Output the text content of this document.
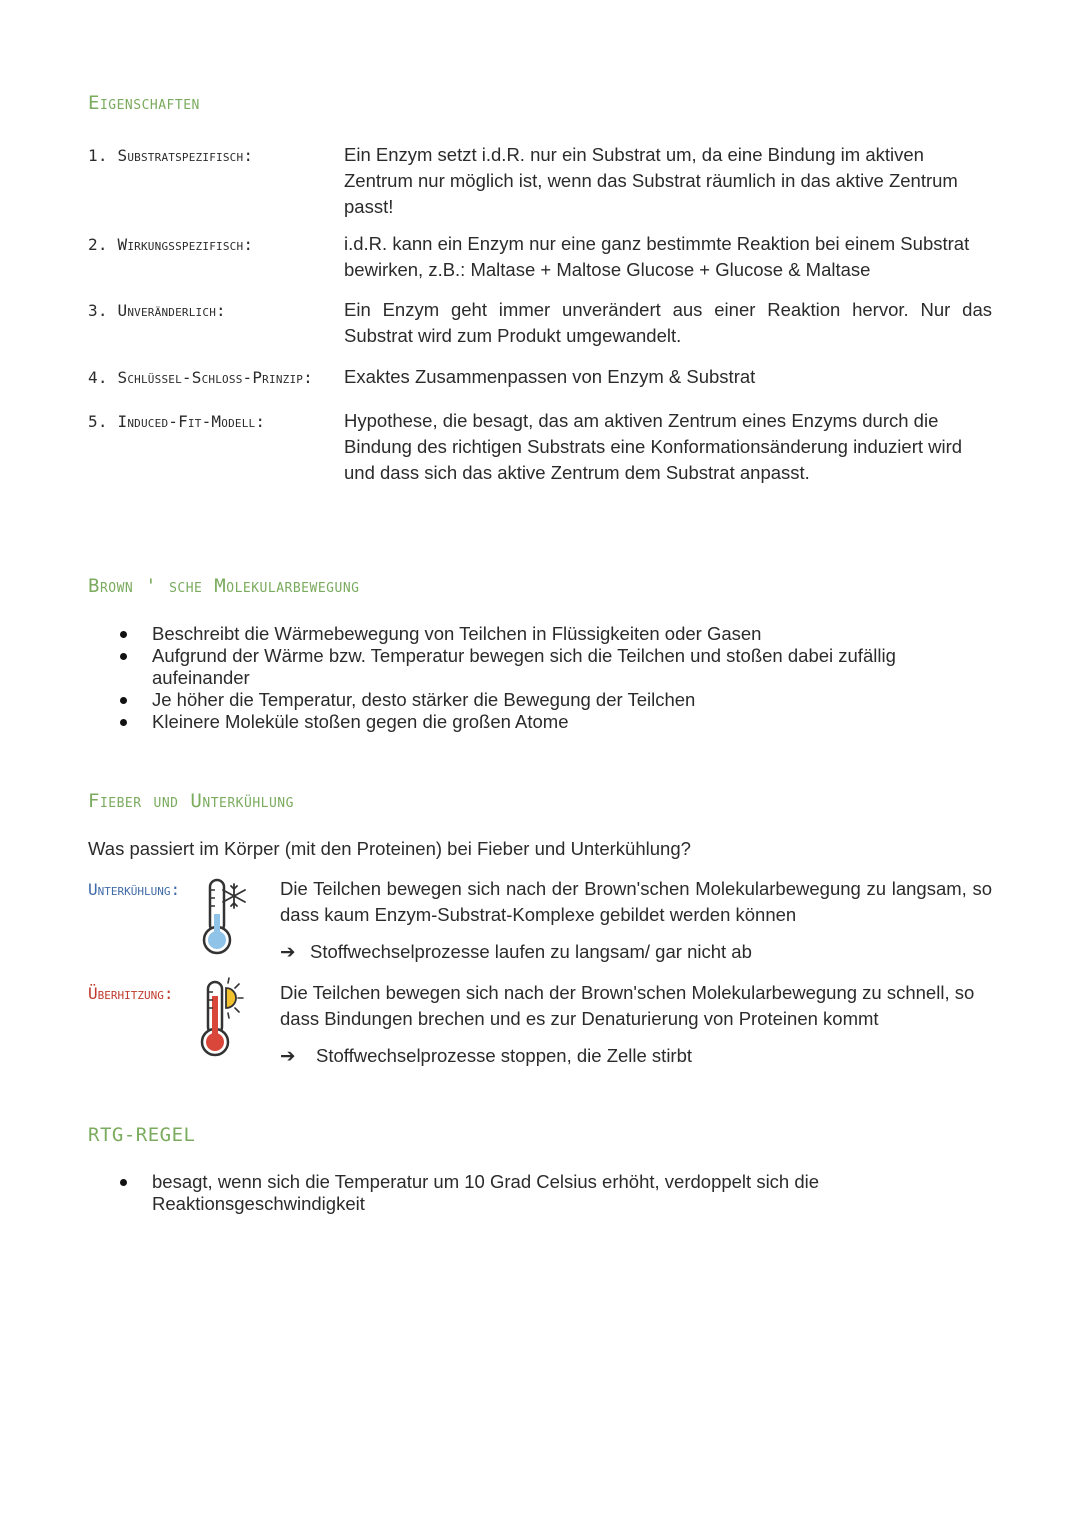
Eigenschaften
1. Substratspezifisch:	Ein Enzym setzt i.d.R. nur ein Substrat um, da eine Bindung im aktiven Zentrum nur möglich ist, wenn das Substrat räumlich in das aktive Zentrum passt!
2. Wirkungsspezifisch:	i.d.R. kann ein Enzym nur eine ganz bestimmte Reaktion bei einem Substrat bewirken, z.B.: Maltase + Maltose Glucose + Glucose & Maltase
3. Unveränderlich:	Ein Enzym geht immer unverändert aus einer Reaktion hervor. Nur das Substrat wird zum Produkt umgewandelt.
4. Schlüssel-Schloss-Prinzip: Exaktes Zusammenpassen von Enzym & Substrat
5. Induced-Fit-Modell:	Hypothese, die besagt, das am aktiven Zentrum eines Enzyms durch die Bindung des richtigen Substrats eine Konformationsänderung induziert wird und dass sich das aktive Zentrum dem Substrat anpasst.
Brown ' sche Molekularbewegung
Beschreibt die Wärmebewegung von Teilchen in Flüssigkeiten oder Gasen
Aufgrund der Wärme bzw. Temperatur bewegen sich die Teilchen und stoßen dabei zufällig aufeinander
Je höher die Temperatur, desto stärker die Bewegung der Teilchen
Kleinere Moleküle stoßen gegen die großen Atome
Fieber und Unterkühlung
Was passiert im Körper (mit den Proteinen) bei Fieber und Unterkühlung?
Unterkühlung:	Die Teilchen bewegen sich nach der Brown'schen Molekularbewegung zu langsam, so dass kaum Enzym-Substrat-Komplexe gebildet werden können
➔ Stoffwechselprozesse laufen zu langsam/ gar nicht ab
Überhitzung:	Die Teilchen bewegen sich nach der Brown'schen Molekularbewegung zu schnell, so dass Bindungen brechen und es zur Denaturierung von Proteinen kommt
➔ Stoffwechselprozesse stoppen, die Zelle stirbt
RTG-REGEL
besagt, wenn sich die Temperatur um 10 Grad Celsius erhöht, verdoppelt sich die Reaktionsgeschwindigkeit
